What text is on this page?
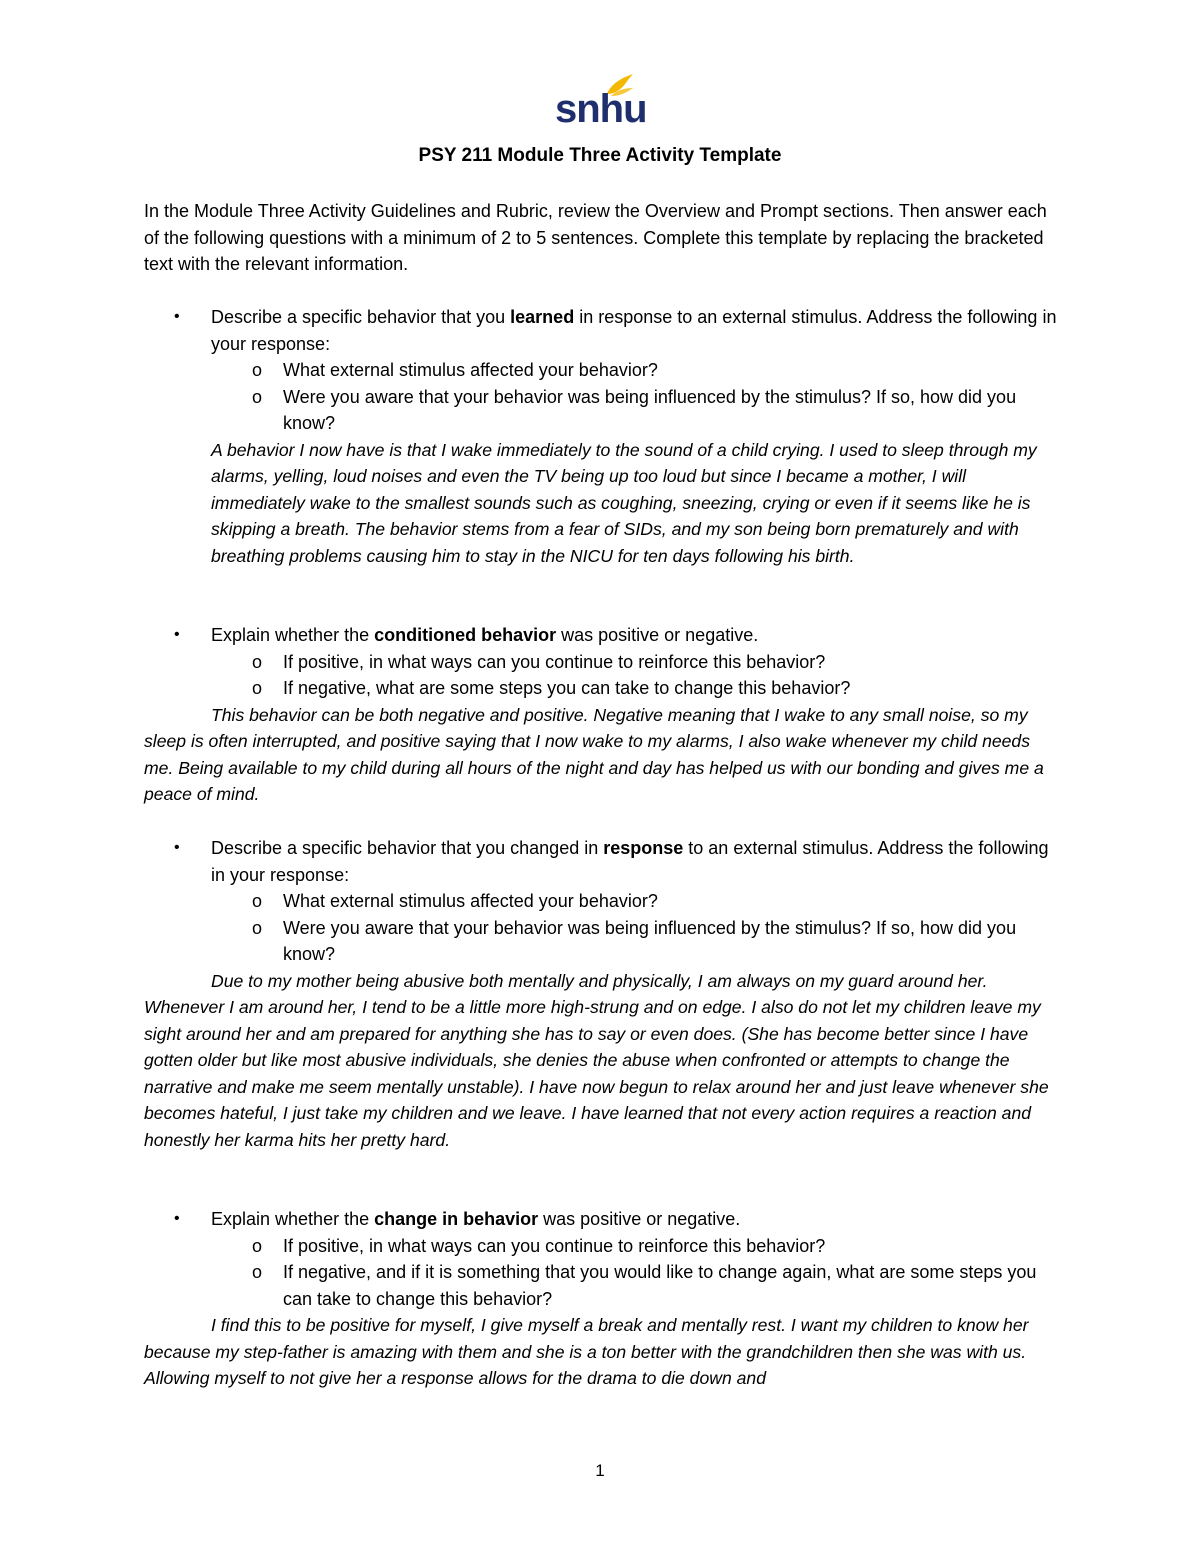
snhu
PSY 211 Module Three Activity Template
In the Module Three Activity Guidelines and Rubric, review the Overview and Prompt sections. Then answer each of the following questions with a minimum of 2 to 5 sentences. Complete this template by replacing the bracketed text with the relevant information.
• Describe a specific behavior that you learned in response to an external stimulus. Address the following in your response:
o What external stimulus affected your behavior?
o Were you aware that your behavior was being influenced by the stimulus? If so, how did you know?
A behavior I now have is that I wake immediately to the sound of a child crying. I used to sleep through my alarms, yelling, loud noises and even the TV being up too loud but since I became a mother, I will immediately wake to the smallest sounds such as coughing, sneezing, crying or even if it seems like he is skipping a breath. The behavior stems from a fear of SIDs, and my son being born prematurely and with breathing problems causing him to stay in the NICU for ten days following his birth.
• Explain whether the conditioned behavior was positive or negative.
o If positive, in what ways can you continue to reinforce this behavior?
o If negative, what are some steps you can take to change this behavior?
This behavior can be both negative and positive. Negative meaning that I wake to any small noise, so my sleep is often interrupted, and positive saying that I now wake to my alarms, I also wake whenever my child needs me. Being available to my child during all hours of the night and day has helped us with our bonding and gives me a peace of mind.
• Describe a specific behavior that you changed in response to an external stimulus. Address the following in your response:
o What external stimulus affected your behavior?
o Were you aware that your behavior was being influenced by the stimulus? If so, how did you know?
Due to my mother being abusive both mentally and physically, I am always on my guard around her. Whenever I am around her, I tend to be a little more high-strung and on edge. I also do not let my children leave my sight around her and am prepared for anything she has to say or even does. (She has become better since I have gotten older but like most abusive individuals, she denies the abuse when confronted or attempts to change the narrative and make me seem mentally unstable). I have now begun to relax around her and just leave whenever she becomes hateful, I just take my children and we leave. I have learned that not every action requires a reaction and honestly her karma hits her pretty hard.
• Explain whether the change in behavior was positive or negative.
o If positive, in what ways can you continue to reinforce this behavior?
o If negative, and if it is something that you would like to change again, what are some steps you can take to change this behavior?
I find this to be positive for myself, I give myself a break and mentally rest. I want my children to know her because my step-father is amazing with them and she is a ton better with the grandchildren then she was with us. Allowing myself to not give her a response allows for the drama to die down and
1
